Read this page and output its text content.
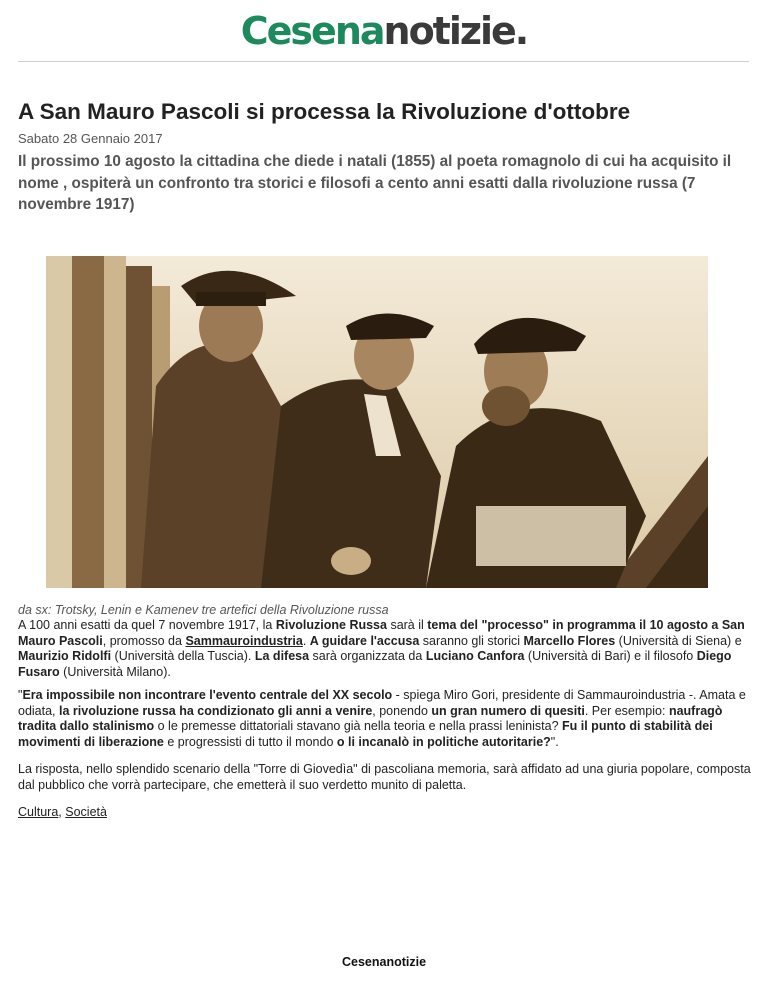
Cesenanotizie.
A San Mauro Pascoli si processa la Rivoluzione d'ottobre
Sabato 28 Gennaio 2017
Il prossimo 10 agosto la cittadina che diede i natali (1855) al poeta romagnolo di cui ha acquisito il nome , ospiterà un confronto tra storici e filosofi a cento anni esatti dalla rivoluzione russa (7 novembre 1917)
da sx: Trotsky, Lenin e Kamenev tre artefici della Rivoluzione russa

A 100 anni esatti da quel 7 novembre 1917, la Rivoluzione Russa sarà il tema del "processo" in programma il 10 agosto a San Mauro Pascoli, promosso da Sammauroindustria. A guidare l'accusa saranno gli storici Marcello Flores (Università di Siena) e Maurizio Ridolfi (Università della Tuscia). La difesa sarà organizzata da Luciano Canfora (Università di Bari) e il filosofo Diego Fusaro (Università Milano).

"Era impossibile non incontrare l'evento centrale del XX secolo - spiega Miro Gori, presidente di Sammauroindustria -. Amata e odiata, la rivoluzione russa ha condizionato gli anni a venire, ponendo un gran numero di quesiti. Per esempio: naufragò tradita dallo stalinismo o le premesse dittatoriali stavano già nella teoria e nella prassi leninista? Fu il punto di stabilità dei movimenti di liberazione e progressisti di tutto il mondo o li incanalò in politiche autoritarie?".

La risposta, nello splendido scenario della "Torre di Giovedìa" di pascoliana memoria, sarà affidato ad una giuria popolare, composta dal pubblico che vorrà partecipare, che emetterà il suo verdetto munito di paletta.

Cultura, Società
Cesenanotizie
